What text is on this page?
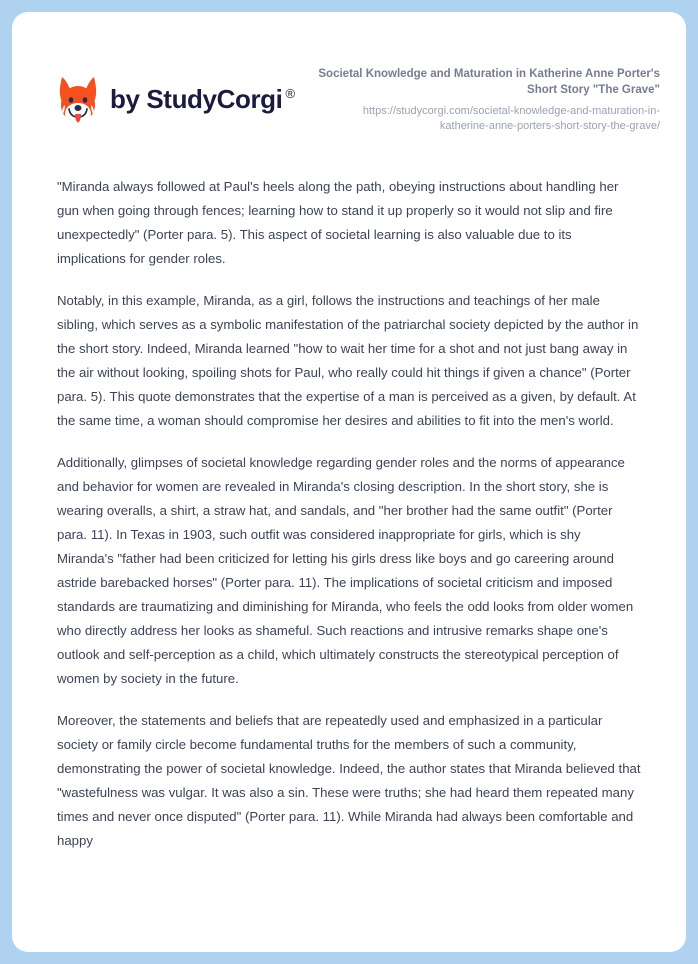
by StudyCorgi ®
Societal Knowledge and Maturation in Katherine Anne Porter's Short Story "The Grave"
https://studycorgi.com/societal-knowledge-and-maturation-in-katherine-anne-porters-short-story-the-grave/

"Miranda always followed at Paul's heels along the path, obeying instructions about handling her gun when going through fences; learning how to stand it up properly so it would not slip and fire unexpectedly" (Porter para. 5). This aspect of societal learning is also valuable due to its implications for gender roles.

Notably, in this example, Miranda, as a girl, follows the instructions and teachings of her male sibling, which serves as a symbolic manifestation of the patriarchal society depicted by the author in the short story. Indeed, Miranda learned "how to wait her time for a shot and not just bang away in the air without looking, spoiling shots for Paul, who really could hit things if given a chance" (Porter para. 5). This quote demonstrates that the expertise of a man is perceived as a given, by default. At the same time, a woman should compromise her desires and abilities to fit into the men's world.

Additionally, glimpses of societal knowledge regarding gender roles and the norms of appearance and behavior for women are revealed in Miranda's closing description. In the short story, she is wearing overalls, a shirt, a straw hat, and sandals, and "her brother had the same outfit" (Porter para. 11). In Texas in 1903, such outfit was considered inappropriate for girls, which is shy Miranda's "father had been criticized for letting his girls dress like boys and go careering around astride barebacked horses" (Porter para. 11). The implications of societal criticism and imposed standards are traumatizing and diminishing for Miranda, who feels the odd looks from older women who directly address her looks as shameful. Such reactions and intrusive remarks shape one's outlook and self-perception as a child, which ultimately constructs the stereotypical perception of women by society in the future.

Moreover, the statements and beliefs that are repeatedly used and emphasized in a particular society or family circle become fundamental truths for the members of such a community, demonstrating the power of societal knowledge. Indeed, the author states that Miranda believed that "wastefulness was vulgar. It was also a sin. These were truths; she had heard them repeated many times and never once disputed" (Porter para. 11). While Miranda had always been comfortable and happy
